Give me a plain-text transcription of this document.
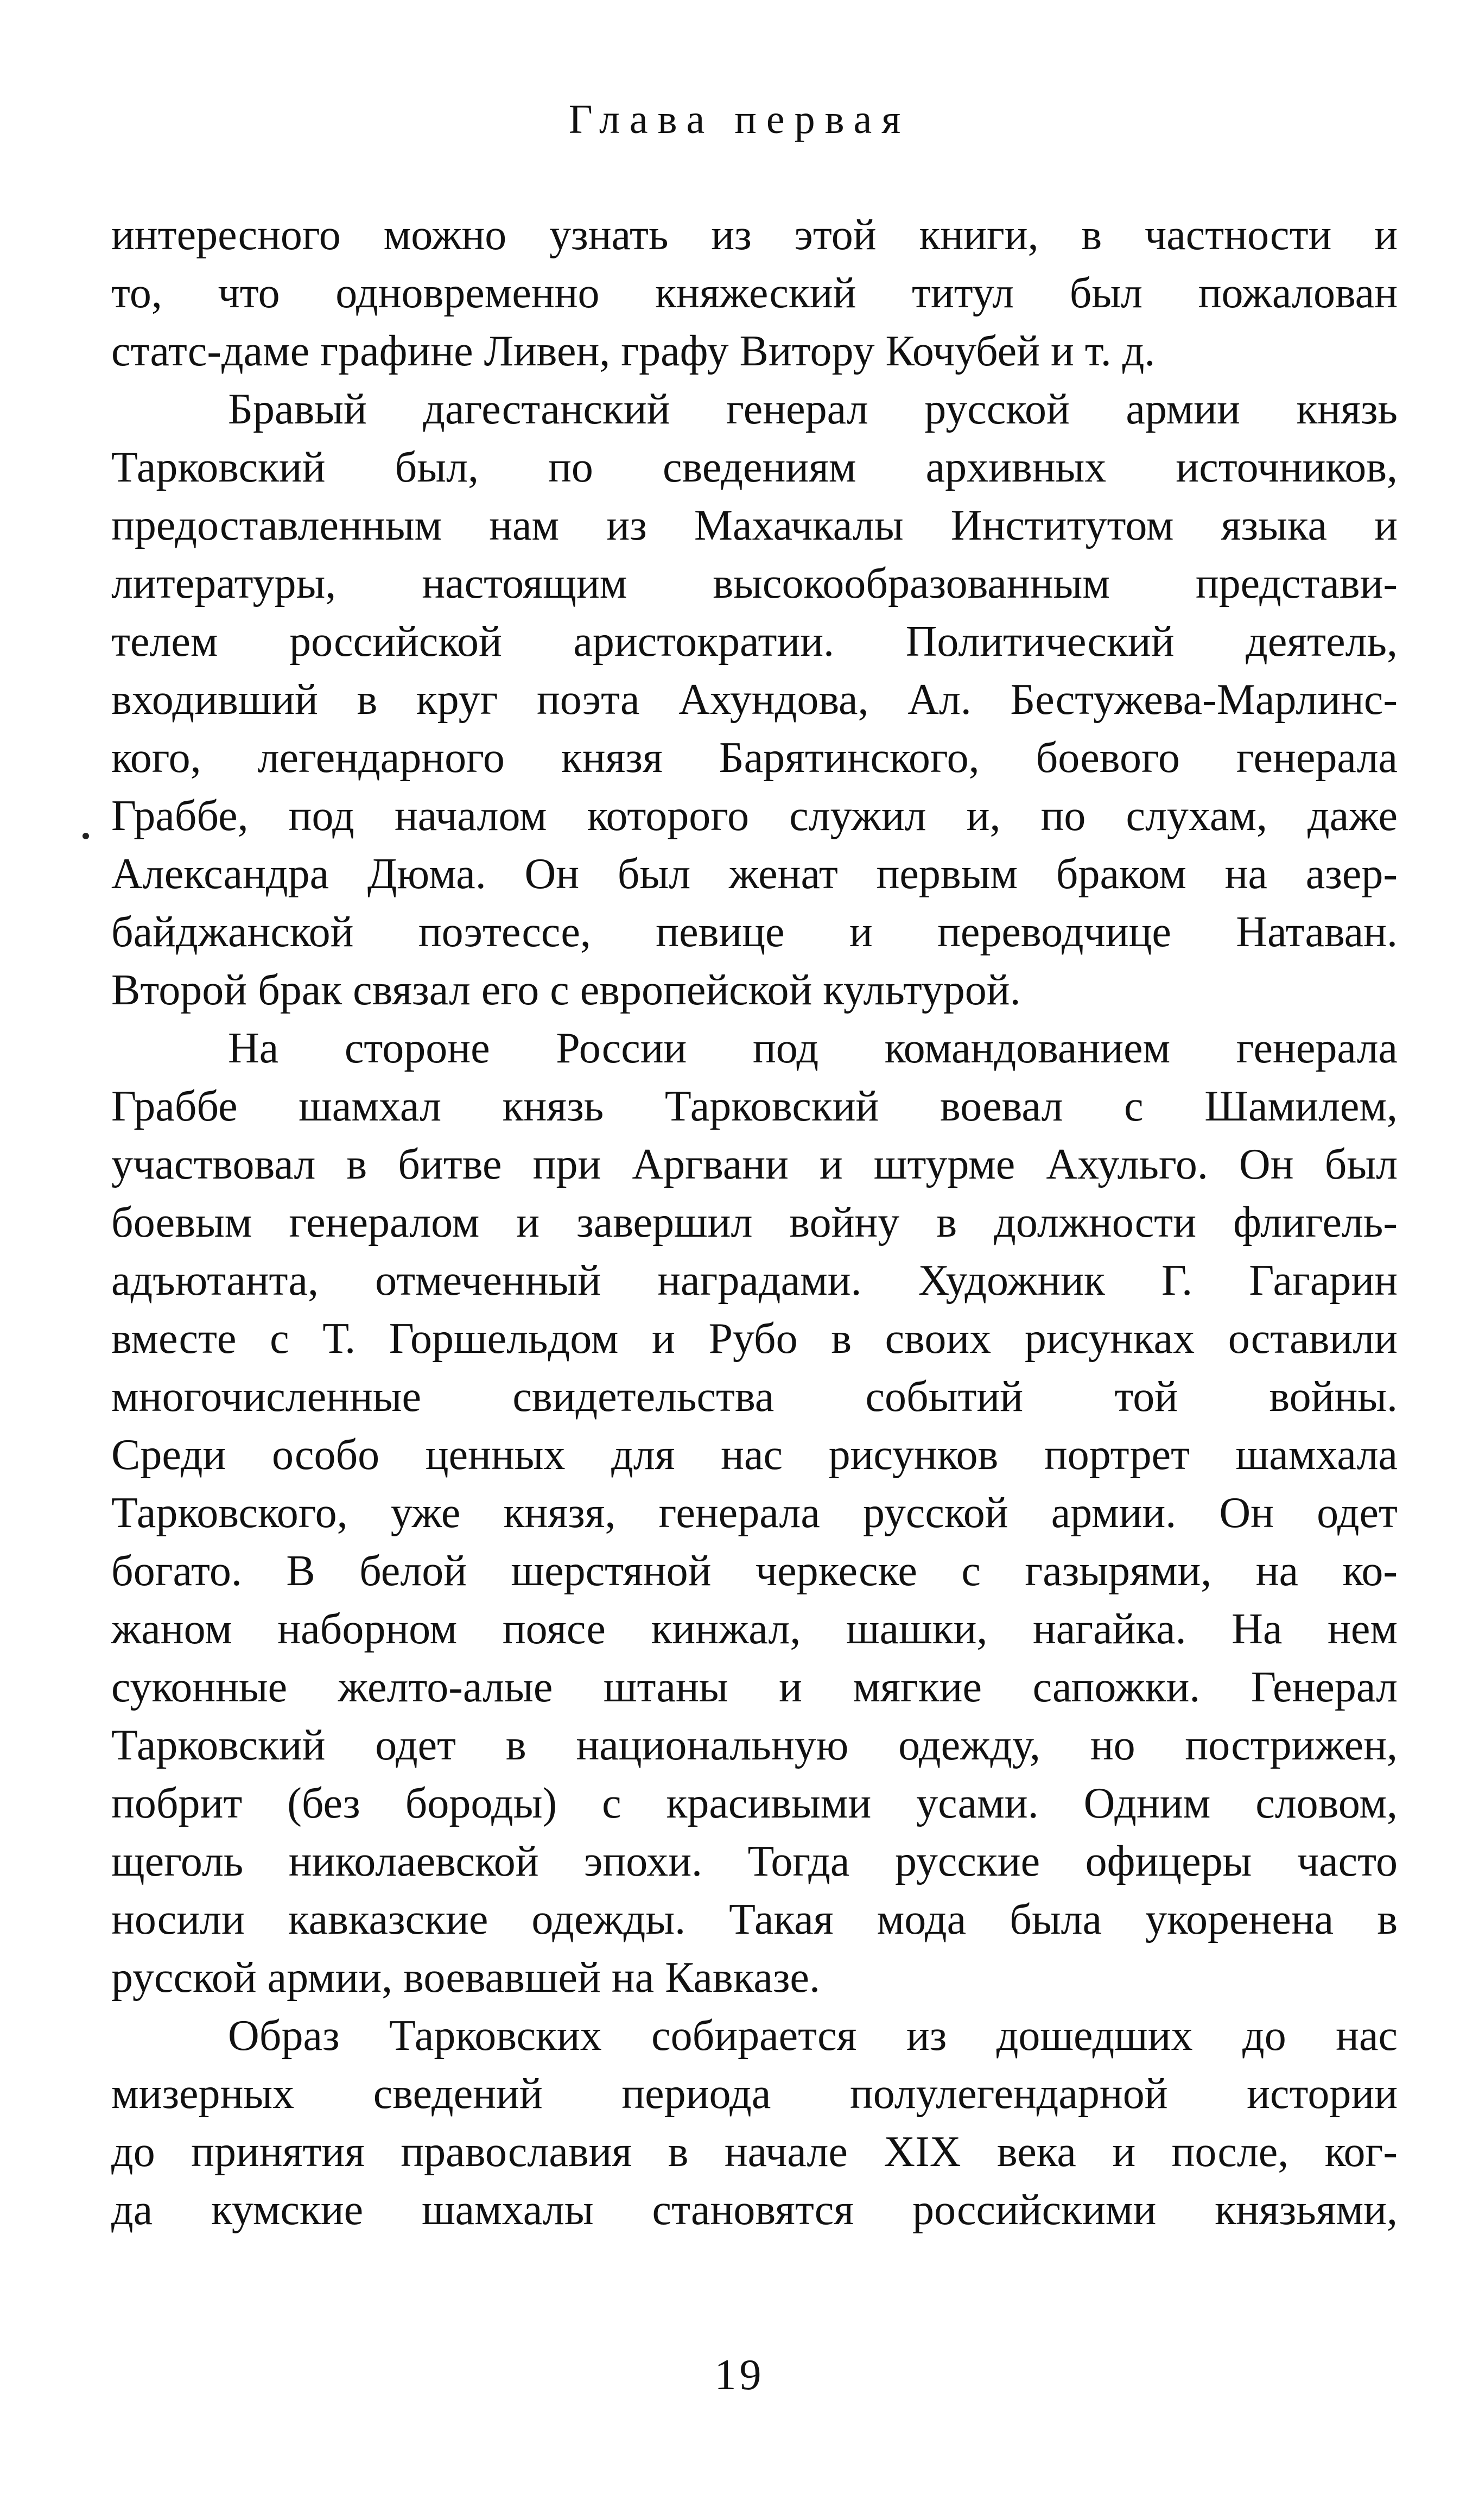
Глава первая
интересного можно узнать из этой книги, в частности и
то, что одновременно княжеский титул был пожалован
статс-даме графине Ливен, графу Витору Кочубей и т. д.
Бравый дагестанский генерал русской армии князь
Тарковский был, по сведениям архивных источников,
предоставленным нам из Махачкалы Институтом языка и
литературы, настоящим высокообразованным представи-
телем российской аристократии. Политический деятель,
входивший в круг поэта Ахундова, Ал. Бестужева-Марлинс-
кого, легендарного князя Барятинского, боевого генерала
Граббе, под началом которого служил и, по слухам, даже
Александра Дюма. Он был женат первым браком на азер-
байджанской поэтессе, певице и переводчице Натаван.
Второй брак связал его с европейской культурой.
На стороне России под командованием генерала
Граббе шамхал князь Тарковский воевал с Шамилем,
участвовал в битве при Аргвани и штурме Ахульго. Он был
боевым генералом и завершил войну в должности флигель-
адъютанта, отмеченный наградами. Художник Г. Гагарин
вместе с Т. Горшельдом и Рубо в своих рисунках оставили
многочисленные свидетельства событий той войны.
Среди особо ценных для нас рисунков портрет шамхала
Тарковского, уже князя, генерала русской армии. Он одет
богато. В белой шерстяной черкеске с газырями, на ко-
жаном наборном поясе кинжал, шашки, нагайка. На нем
суконные желто-алые штаны и мягкие сапожки. Генерал
Тарковский одет в национальную одежду, но пострижен,
побрит (без бороды) с красивыми усами. Одним словом,
щеголь николаевской эпохи. Тогда русские офицеры часто
носили кавказские одежды. Такая мода была укоренена в
русской армии, воевавшей на Кавказе.
Образ Тарковских собирается из дошедших до нас
мизерных сведений периода полулегендарной истории
до принятия православия в начале XIX века и после, ког-
да кумские шамхалы становятся российскими князьями,
19
